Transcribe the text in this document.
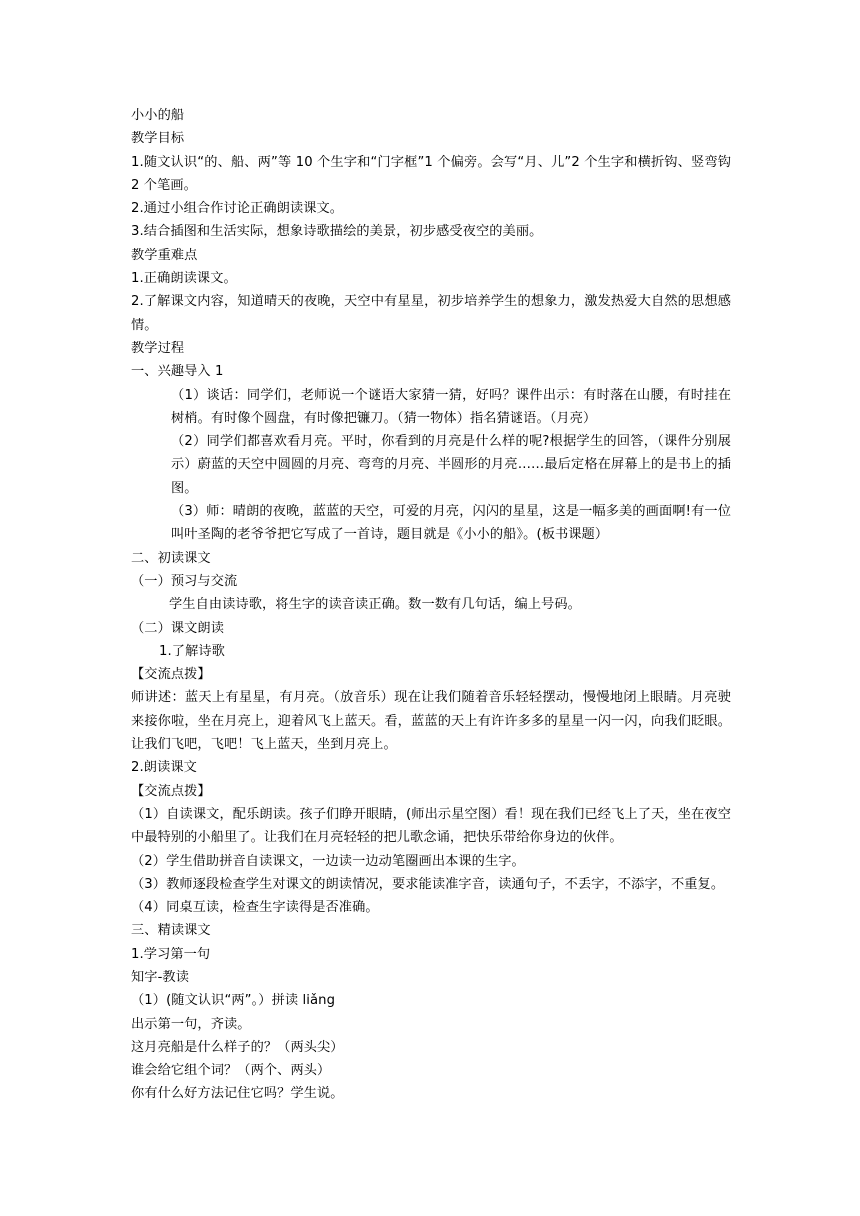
小小的船
教学目标
1.随文认识“的、船、两”等 10 个生字和“门字框”1 个偏旁。会写“月、儿”2 个生字和横折钩、竖弯钩 2 个笔画。
2.通过小组合作讨论正确朗读课文。
3.结合插图和生活实际，想象诗歌描绘的美景，初步感受夜空的美丽。
教学重难点
1.正确朗读课文。
2.了解课文内容，知道晴天的夜晚，天空中有星星，初步培养学生的想象力，激发热爱大自然的思想感情。
教学过程
一、兴趣导入 1
（1）谈话：同学们，老师说一个谜语大家猜一猜，好吗？课件出示：有时落在山腰，有时挂在树梢。有时像个圆盘，有时像把镰刀。（猜一物体）指名猜谜语。（月亮）
（2）同学们都喜欢看月亮。平时，你看到的月亮是什么样的呢?根据学生的回答，（课件分别展示）蔚蓝的天空中圆圆的月亮、弯弯的月亮、半圆形的月亮……最后定格在屏幕上的是书上的插图。
（3）师：晴朗的夜晚，蓝蓝的天空，可爱的月亮，闪闪的星星，这是一幅多美的画面啊!有一位叫叶圣陶的老爷爷把它写成了一首诗，题目就是《小小的船》。(板书课题）
二、初读课文
（一）预习与交流
学生自由读诗歌，将生字的读音读正确。数一数有几句话，编上号码。
（二）课文朗读
1.了解诗歌
【交流点拨】
师讲述：蓝天上有星星，有月亮。（放音乐）现在让我们随着音乐轻轻摆动，慢慢地闭上眼睛。月亮驶来接你啦，坐在月亮上，迎着风飞上蓝天。看，蓝蓝的天上有许许多多的星星一闪一闪，向我们眨眼。让我们飞吧，飞吧！飞上蓝天，坐到月亮上。
2.朗读课文
【交流点拨】
（1）自读课文，配乐朗读。孩子们睁开眼睛，(师出示星空图）看！现在我们已经飞上了天，坐在夜空中最特别的小船里了。让我们在月亮轻轻的把儿歌念诵，把快乐带给你身边的伙伴。
（2）学生借助拼音自读课文，一边读一边动笔圈画出本课的生字。
（3）教师逐段检查学生对课文的朗读情况，要求能读准字音，读通句子，不丢字，不添字，不重复。
（4）同桌互读，检查生字读得是否准确。
三、精读课文
1.学习第一句
知字-教读
（1）(随文认识“两”。）拼读 liǎng
出示第一句，齐读。
这月亮船是什么样子的？（两头尖）
谁会给它组个词？（两个、两头）
你有什么好方法记住它吗？学生说。
